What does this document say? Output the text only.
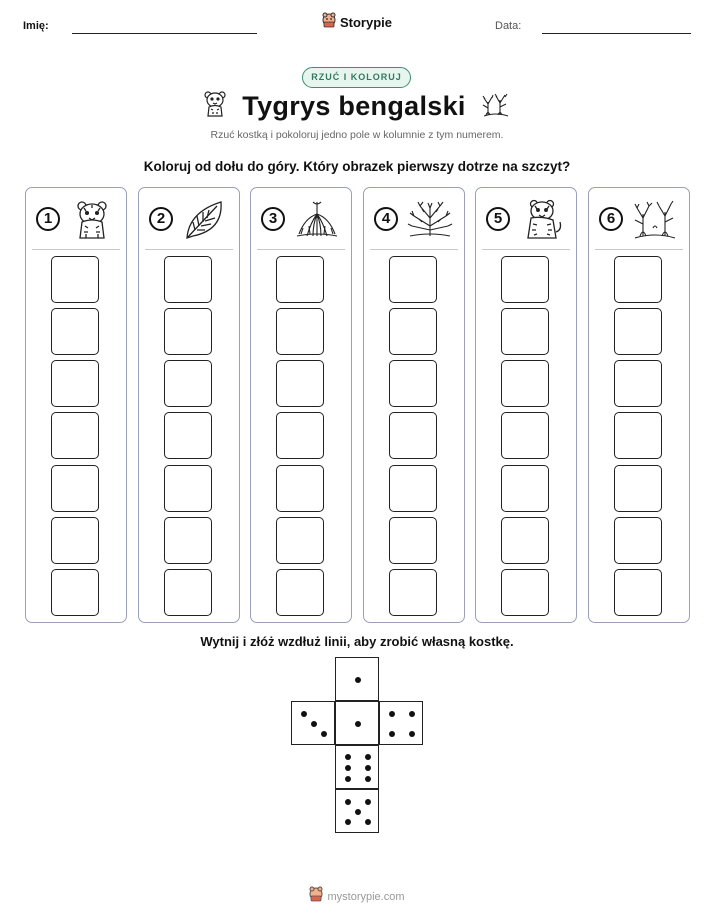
Imię:	Storypie	Data:
RZUĆ I KOLORUJ
Tygrys bengalski
Rzuć kostką i pokoloruj jedno pole w kolumnie z tym numerem.
Koloruj od dołu do góry. Który obrazek pierwszy dotrze na szczyt?
1	2	3	4	5	6
Wytnij i złóż wzdłuż linii, aby zrobić własną kostkę.
mystorypie.com
